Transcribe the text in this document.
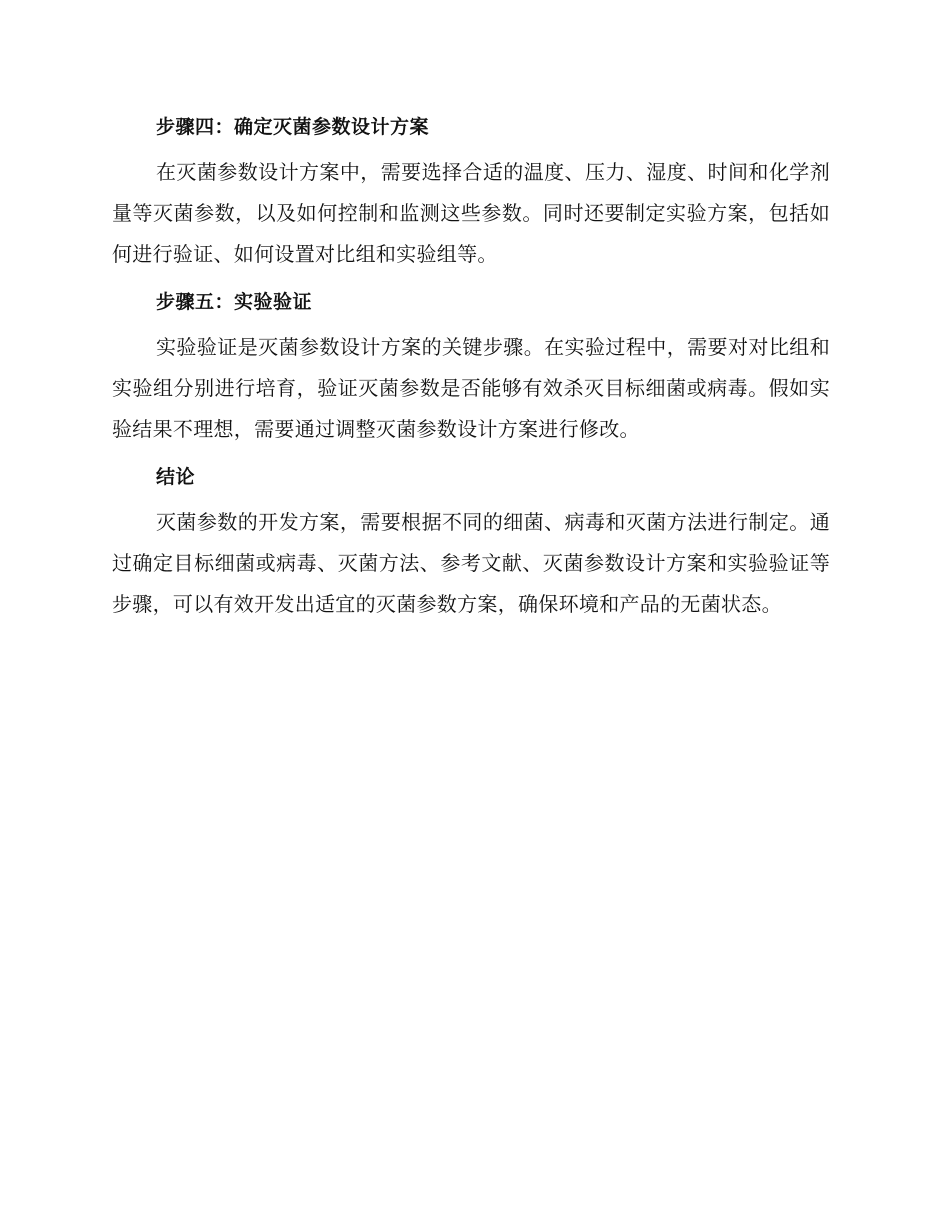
步骤四：确定灭菌参数设计方案

在灭菌参数设计方案中，需要选择合适的温度、压力、湿度、时间和化学剂量等灭菌参数，以及如何控制和监测这些参数。同时还要制定实验方案，包括如何进行验证、如何设置对比组和实验组等。

步骤五：实验验证

实验验证是灭菌参数设计方案的关键步骤。在实验过程中，需要对对比组和实验组分别进行培育，验证灭菌参数是否能够有效杀灭目标细菌或病毒。假如实验结果不理想，需要通过调整灭菌参数设计方案进行修改。

结论

灭菌参数的开发方案，需要根据不同的细菌、病毒和灭菌方法进行制定。通过确定目标细菌或病毒、灭菌方法、参考文献、灭菌参数设计方案和实验验证等步骤，可以有效开发出适宜的灭菌参数方案，确保环境和产品的无菌状态。
